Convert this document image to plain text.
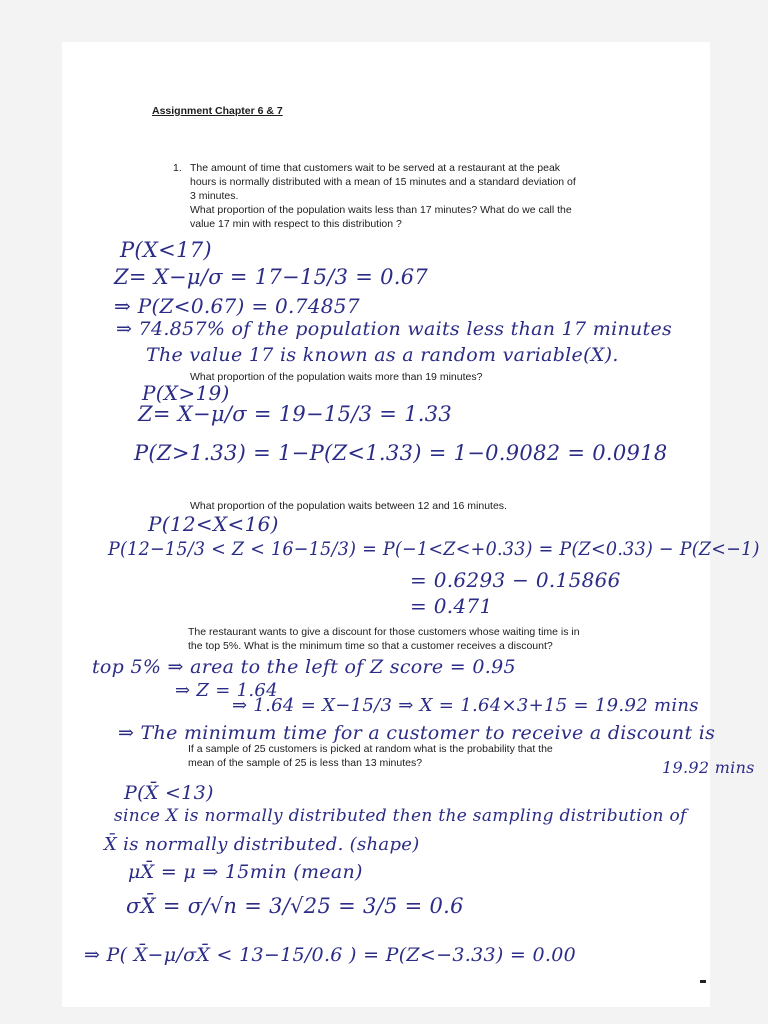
Assignment Chapter 6 & 7
1. The amount of time that customers wait to be served at a restaurant at the peak
hours is normally distributed with a mean of 15 minutes and a standard deviation of
3 minutes.
What proportion of the population waits less than 17 minutes? What do we call the
value 17 min with respect to this distribution ?
What proportion of the population waits more than 19 minutes?
What proportion of the population waits between 12 and 16 minutes.
The restaurant wants to give a discount for those customers whose waiting time is in
the top 5%. What is the minimum time so that a customer receives a discount?
If a sample of 25 customers is picked at random what is the probability that the
mean of the sample of 25 is less than 13 minutes?
P(X<17)
Z= X−μ/σ = 17−15/3 = 0.67
⇒ P(Z<0.67) = 0.74857
⇒ 74.857% of the population waits less than 17 minutes
The value 17 is known as a random variable(X).
P(X>19)
Z= X−μ/σ = 19−15/3 = 1.33
P(Z>1.33) = 1−P(Z<1.33) = 1−0.9082 = 0.0918
P(12<X<16)
P(12−15/3 < Z < 16−15/3) = P(−1<Z<+0.33) = P(Z<0.33) − P(Z<−1)
= 0.6293 − 0.15866
= 0.471
top 5% ⇒ area to the left of Z score = 0.95
⇒ Z = 1.64
⇒ 1.64 = X−15/3 ⇒ X = 1.64×3+15 = 19.92 mins
⇒ The minimum time for a customer to receive a discount is
19.92 mins
P(X̄ <13)
since X is normally distributed then the sampling distribution of
X̄ is normally distributed. (shape)
μX̄ = μ ⇒ 15min (mean)
σX̄ = σ/√n = 3/√25 = 3/5 = 0.6
⇒ P( X̄−μ/σX̄ < 13−15/0.6 ) = P(Z<−3.33) = 0.00
